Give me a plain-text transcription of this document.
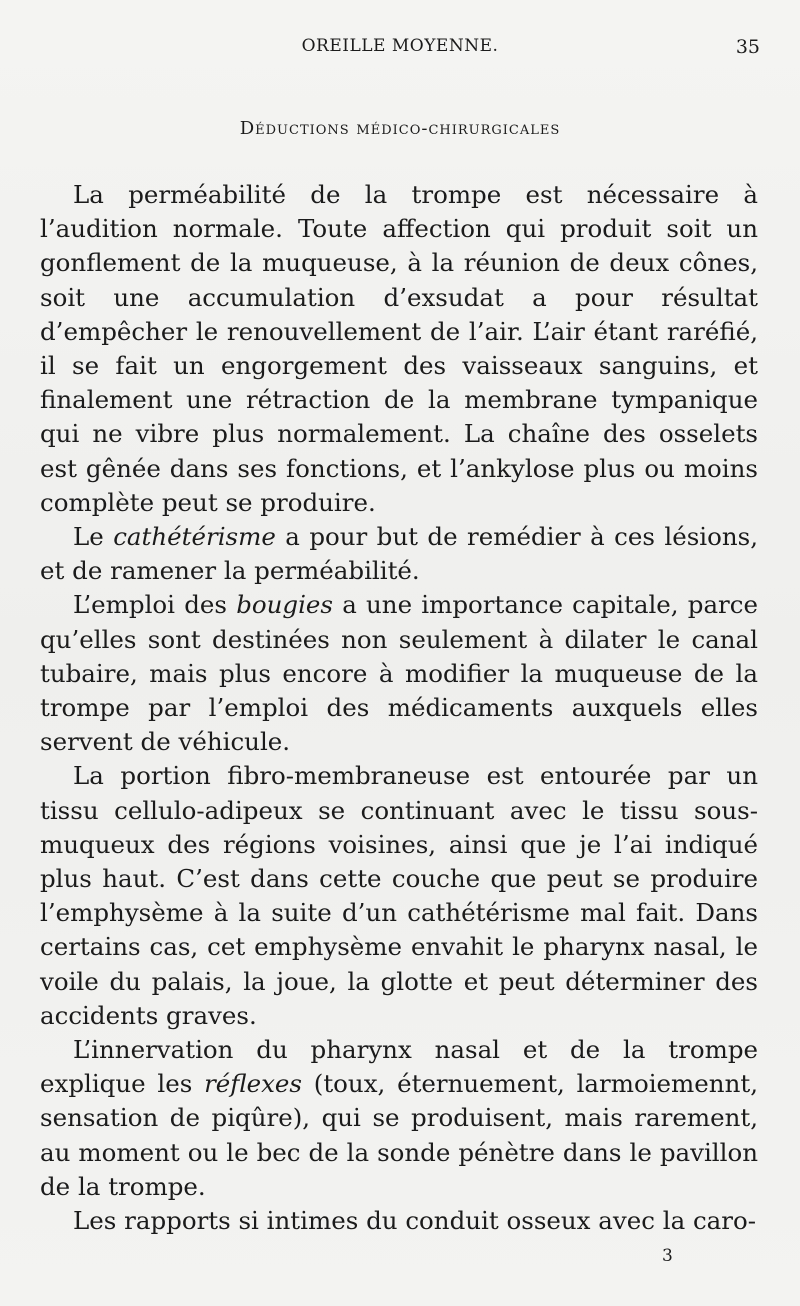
OREILLE MOYENNE.	35
Déductions médico-chirurgicales

La perméabilité de la trompe est nécessaire à l’audition normale. Toute affection qui produit soit un gonflement de la muqueuse, à la réunion de deux cônes, soit une accumulation d’exsudat a pour résultat d’empêcher le renouvellement de l’air. L’air étant raréfié, il se fait un engorgement des vaisseaux sanguins, et finalement une rétraction de la membrane tympanique qui ne vibre plus normalement. La chaîne des osselets est gênée dans ses fonctions, et l’ankylose plus ou moins complète peut se produire.

Le cathétérisme a pour but de remédier à ces lésions, et de ramener la perméabilité.

L’emploi des bougies a une importance capitale, parce qu’elles sont destinées non seulement à dilater le canal tubaire, mais plus encore à modifier la muqueuse de la trompe par l’emploi des médicaments auxquels elles servent de véhicule.

La portion fibro-membraneuse est entourée par un tissu cellulo-adipeux se continuant avec le tissu sous-muqueux des régions voisines, ainsi que je l’ai indiqué plus haut. C’est dans cette couche que peut se produire l’emphysème à la suite d’un cathétérisme mal fait. Dans certains cas, cet emphysème envahit le pharynx nasal, le voile du palais, la joue, la glotte et peut déterminer des accidents graves.

L’innervation du pharynx nasal et de la trompe explique les réflexes (toux, éternuement, larmoiemennt, sensation de piqûre), qui se produisent, mais rarement, au moment ou le bec de la sonde pénètre dans le pavillon de la trompe.

Les rapports si intimes du conduit osseux avec la caro-

3
